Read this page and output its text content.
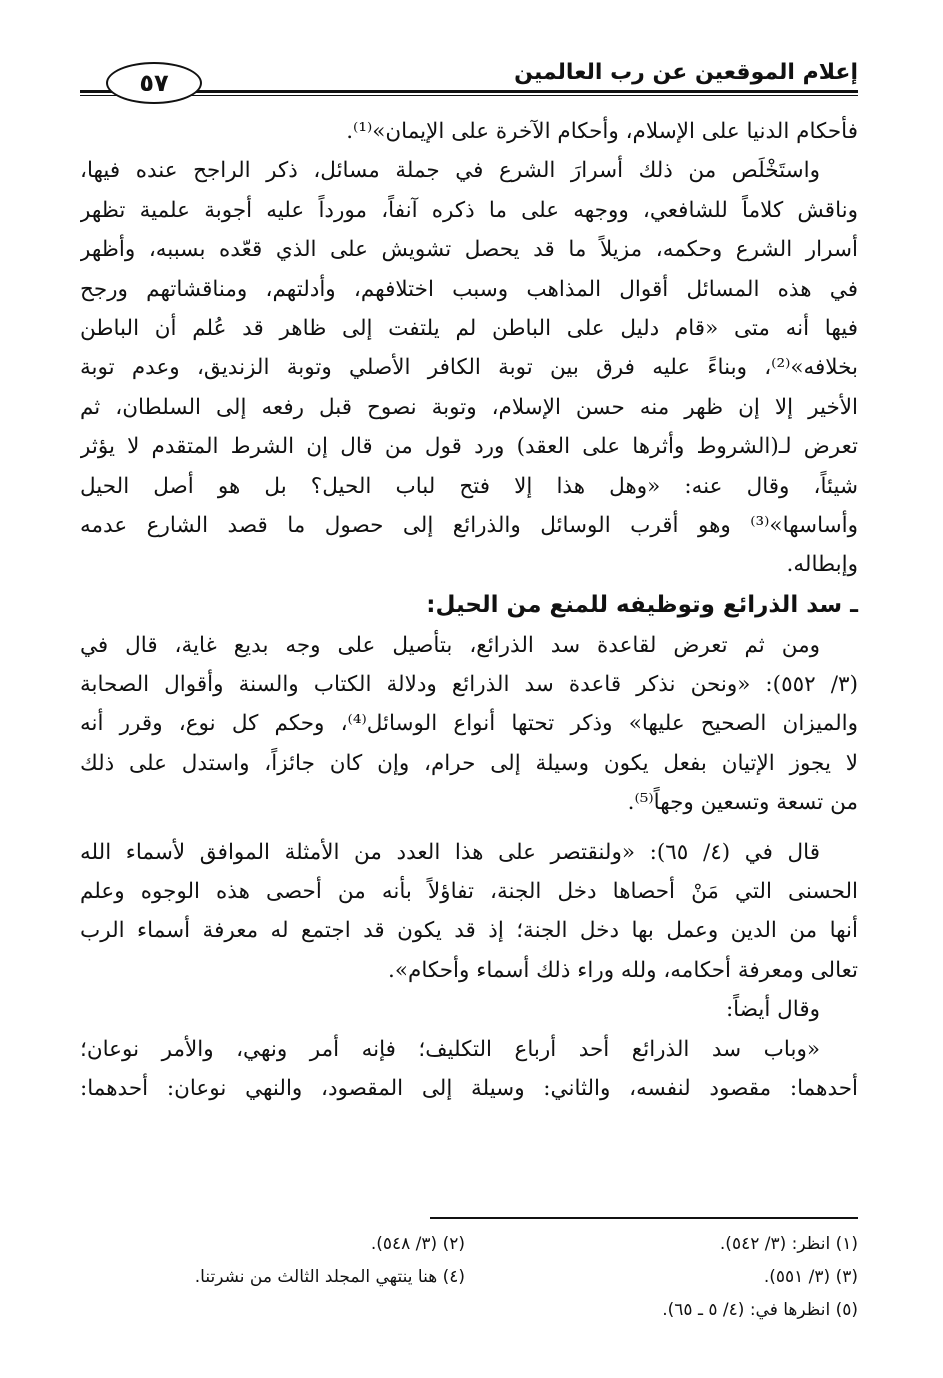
إعلام الموقعين عن رب العالمين
٥٧
فأحكام الدنيا على الإسلام، وأحكام الآخرة على الإيمان»⁽¹⁾.
واستَخْلَص من ذلك أسرارَ الشرع في جملة مسائل، ذكر الراجح عنده فيها،
وناقش كلاماً للشافعي، ووجهه على ما ذكره آنفاً، مورداً عليه أجوبة علمية تظهر
أسرار الشرع وحكمه، مزيلاً ما قد يحصل تشويش على الذي قعّده بسببه، وأظهر
في هذه المسائل أقوال المذاهب وسبب اختلافهم، وأدلتهم، ومناقشاتهم ورجح
فيها أنه متى «قام دليل على الباطن لم يلتفت إلى ظاهر قد عُلم أن الباطن
بخلافه»⁽²⁾، وبناءً عليه فرق بين توبة الكافر الأصلي وتوبة الزنديق، وعدم توبة
الأخير إلا إن ظهر منه حسن الإسلام، وتوبة نصوح قبل رفعه إلى السلطان، ثم
تعرض لـ(الشروط وأثرها على العقد) ورد قول من قال إن الشرط المتقدم لا يؤثر
شيئاً، وقال عنه: «وهل هذا إلا فتح لباب الحيل؟ بل هو أصل الحيل
وأساسها»⁽³⁾ وهو أقرب الوسائل والذرائع إلى حصول ما قصد الشارع عدمه
وإبطاله.
ـ سد الذرائع وتوظيفه للمنع من الحيل:
ومن ثم تعرض لقاعدة سد الذرائع، بتأصيل على وجه بديع غاية، قال في
(٣/ ٥٥٢): «ونحن نذكر قاعدة سد الذرائع ودلالة الكتاب والسنة وأقوال الصحابة
والميزان الصحيح عليها» وذكر تحتها أنواع الوسائل⁽⁴⁾، وحكم كل نوع، وقرر أنه
لا يجوز الإتيان بفعل يكون وسيلة إلى حرام، وإن كان جائزاً، واستدل على ذلك
من تسعة وتسعين وجهاً⁽⁵⁾.
قال في (٤/ ٦٥): «ولنقتصر على هذا العدد من الأمثلة الموافق لأسماء الله
الحسنى التي مَنْ أحصاها دخل الجنة، تفاؤلاً بأنه من أحصى هذه الوجوه وعلم
أنها من الدين وعمل بها دخل الجنة؛ إذ قد يكون قد اجتمع له معرفة أسماء الرب
تعالى ومعرفة أحكامه، ولله وراء ذلك أسماء وأحكام».
وقال أيضاً:
«وباب سد الذرائع أحد أرباع التكليف؛ فإنه أمر ونهي، والأمر نوعان؛
أحدهما: مقصود لنفسه، والثاني: وسيلة إلى المقصود، والنهي نوعان: أحدهما:
(١) انظر: (٣/ ٥٤٢).
(٢) (٣/ ٥٤٨).
(٣) (٣/ ٥٥١).
(٤) هنا ينتهي المجلد الثالث من نشرتنا.
(٥) انظرها في: (٤/ ٥ ـ ٦٥).
